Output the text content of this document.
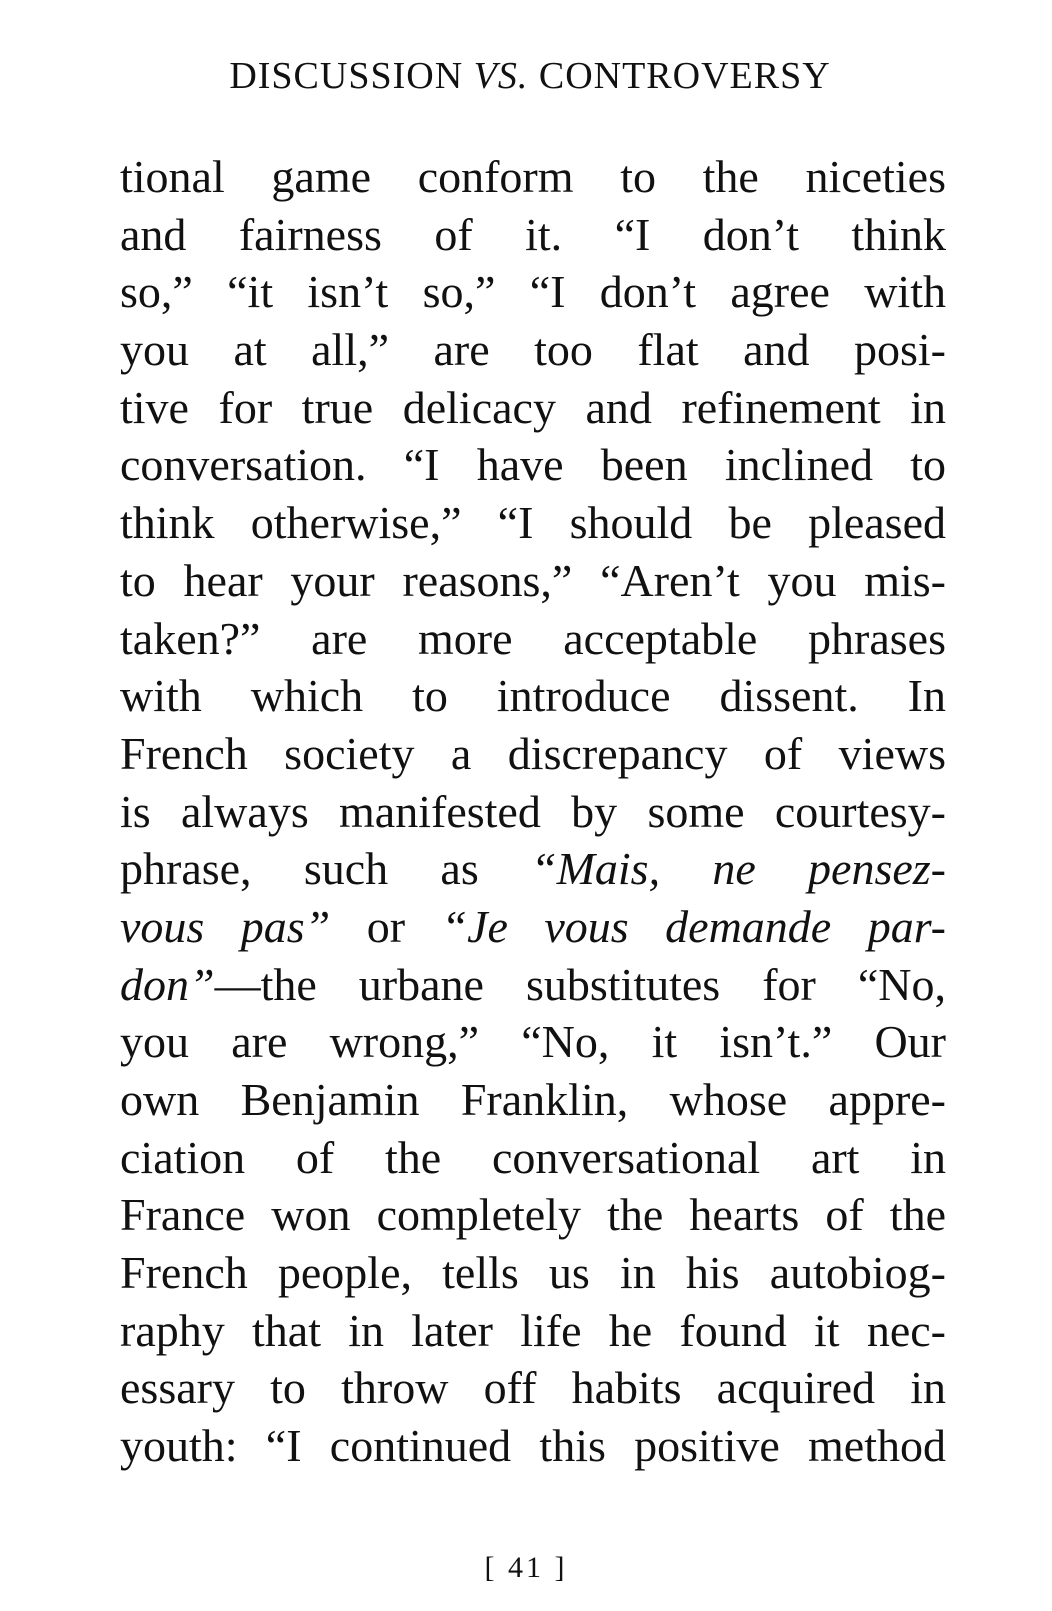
DISCUSSION VS. CONTROVERSY
tional game conform to the niceties
and fairness of it. “I don’t think
so,” “it isn’t so,” “I don’t agree with
you at all,” are too flat and posi-
tive for true delicacy and refinement in
conversation. “I have been inclined to
think otherwise,” “I should be pleased
to hear your reasons,” “Aren’t you mis-
taken?” are more acceptable phrases
with which to introduce dissent. In
French society a discrepancy of views
is always manifested by some courtesy-
phrase, such as “Mais, ne pensez-
vous pas” or “Je vous demande par-
don”—the urbane substitutes for “No,
you are wrong,” “No, it isn’t.” Our
own Benjamin Franklin, whose appre-
ciation of the conversational art in
France won completely the hearts of the
French people, tells us in his autobiog-
raphy that in later life he found it nec-
essary to throw off habits acquired in
youth: “I continued this positive method
[ 41 ]
